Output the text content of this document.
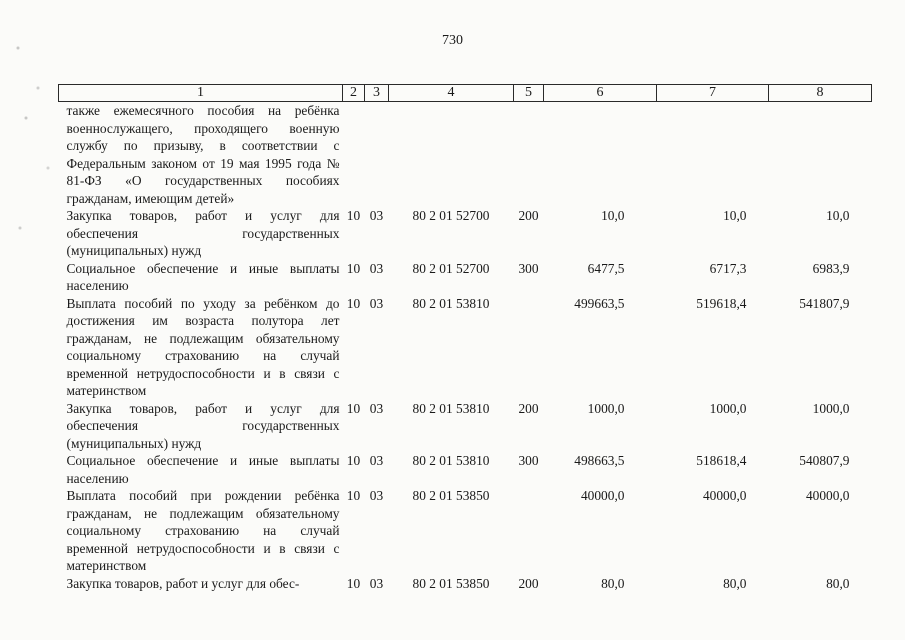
730
1	2	3	4	5	6	7	8
также ежемесячного пособия на ребёнка военнослужащего, проходящего военную службу по призыву, в соответствии с Федеральным законом от 19 мая 1995 года № 81-ФЗ «О государственных пособиях гражданам, имеющим детей»							
Закупка товаров, работ и услуг для обеспечения государственных (муниципальных) нужд	10	03	80 2 01 52700	200	10,0	10,0	10,0
Социальное обеспечение и иные выплаты населению	10	03	80 2 01 52700	300	6477,5	6717,3	6983,9
Выплата пособий по уходу за ребёнком до достижения им возраста полутора лет гражданам, не подлежащим обязательному социальному страхованию на случай временной нетрудоспособности и в связи с материнством	10	03	80 2 01 53810		499663,5	519618,4	541807,9
Закупка товаров, работ и услуг для обеспечения государственных (муниципальных) нужд	10	03	80 2 01 53810	200	1000,0	1000,0	1000,0
Социальное обеспечение и иные выплаты населению	10	03	80 2 01 53810	300	498663,5	518618,4	540807,9
Выплата пособий при рождении ребёнка гражданам, не подлежащим обязательному социальному страхованию на случай временной нетрудоспособности и в связи с материнством	10	03	80 2 01 53850		40000,0	40000,0	40000,0
Закупка товаров, работ и услуг для обес-	10	03	80 2 01 53850	200	80,0	80,0	80,0
